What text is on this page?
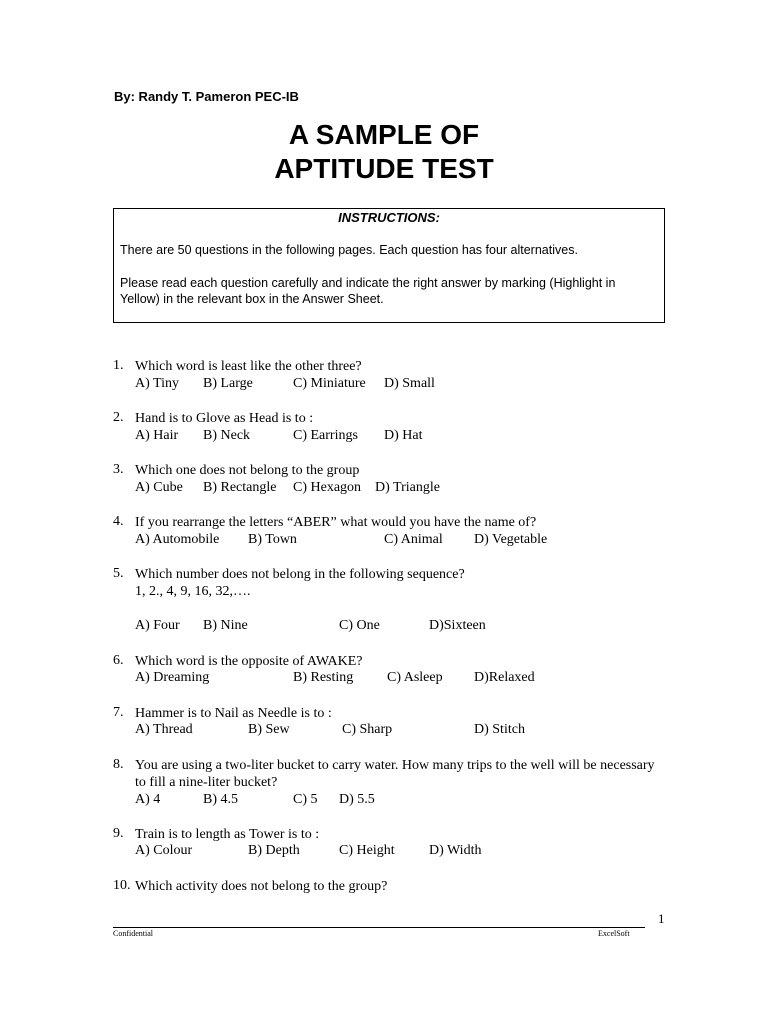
By: Randy T. Pameron PEC-IB
A SAMPLE OF
APTITUDE TEST
INSTRUCTIONS:
There are 50 questions in the following pages. Each question has four alternatives.
Please read each question carefully and indicate the right answer by marking (Highlight in Yellow) in the relevant box in the Answer Sheet.
1. Which word is least like the other three?
A) Tiny B) Large	C) Miniature D) Small
2. Hand is to Glove as Head is to :
A) Hair B) Neck	C) Earrings D) Hat
3. Which one does not belong to the group
A) Cube B) Rectangle C) Hexagon D) Triangle
4. If you rearrange the letters “ABER” what would you have the name of?
A) Automobile B) Town	C) Animal D) Vegetable
5. Which number does not belong in the following sequence?
1, 2., 4, 9, 16, 32,….
A) Four B) Nine	C) One	D)Sixteen
6. Which word is the opposite of AWAKE?
A) Dreaming	B) Resting C) Asleep D)Relaxed
7. Hammer is to Nail as Needle is to :
A) Thread	B) Sew	C) Sharp	D) Stitch
8. You are using a two-liter bucket to carry water. How many trips to the well will be necessary to fill a nine-liter bucket?
A) 4	B) 4.5	C) 5 D) 5.5
9. Train is to length as Tower is to :
A) Colour	B) Depth	C) Height D) Width
10. Which activity does not belong to the group?
1
Confidential	ExcelSoft
